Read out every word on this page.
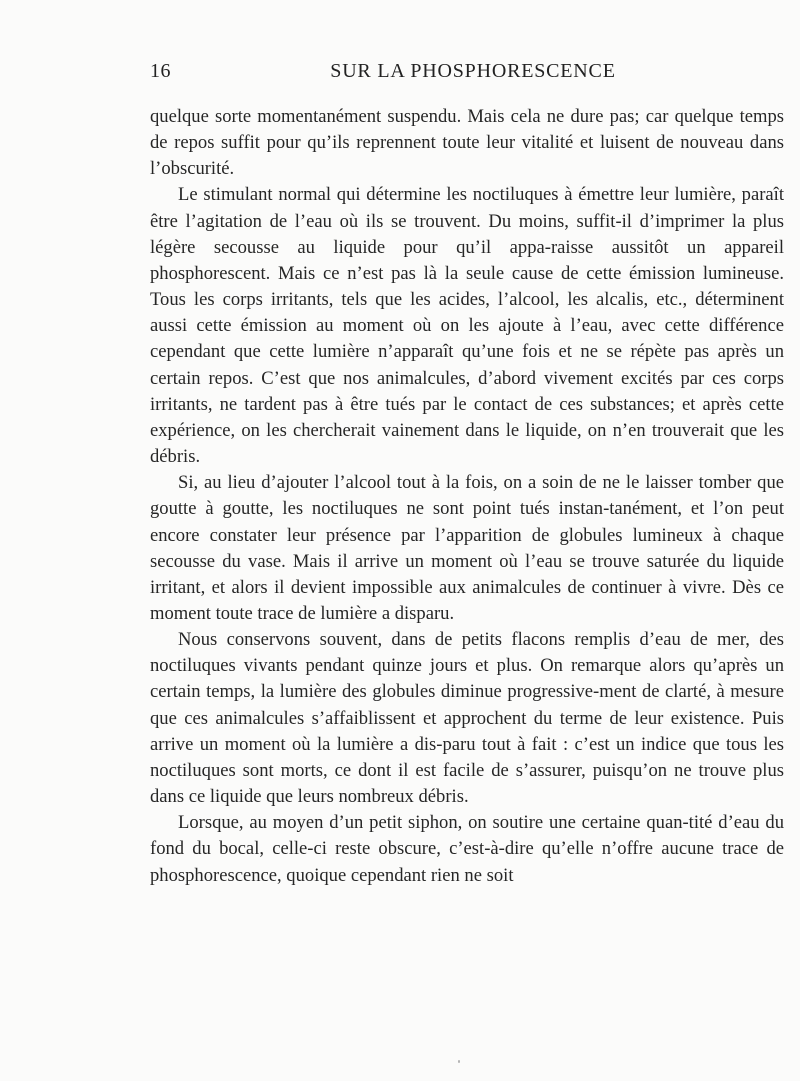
16	SUR LA PHOSPHORESCENCE

quelque sorte momentanément suspendu. Mais cela ne dure pas; car quelque temps de repos suffit pour qu’ils reprennent toute leur vitalité et luisent de nouveau dans l’obscurité.

Le stimulant normal qui détermine les noctiluques à émettre leur lumière, paraît être l’agitation de l’eau où ils se trouvent. Du moins, suffit-il d’imprimer la plus légère secousse au liquide pour qu’il appa-raisse aussitôt un appareil phosphorescent. Mais ce n’est pas là la seule cause de cette émission lumineuse. Tous les corps irritants, tels que les acides, l’alcool, les alcalis, etc., déterminent aussi cette émission au moment où on les ajoute à l’eau, avec cette différence cependant que cette lumière n’apparaît qu’une fois et ne se répète pas après un certain repos. C’est que nos animalcules, d’abord vivement excités par ces corps irritants, ne tardent pas à être tués par le contact de ces substances; et après cette expérience, on les chercherait vainement dans le liquide, on n’en trouverait que les débris.

Si, au lieu d’ajouter l’alcool tout à la fois, on a soin de ne le laisser tomber que goutte à goutte, les noctiluques ne sont point tués instan-tanément, et l’on peut encore constater leur présence par l’apparition de globules lumineux à chaque secousse du vase. Mais il arrive un moment où l’eau se trouve saturée du liquide irritant, et alors il devient impossible aux animalcules de continuer à vivre. Dès ce moment toute trace de lumière a disparu.

Nous conservons souvent, dans de petits flacons remplis d’eau de mer, des noctiluques vivants pendant quinze jours et plus. On remarque alors qu’après un certain temps, la lumière des globules diminue progressive-ment de clarté, à mesure que ces animalcules s’affaiblissent et approchent du terme de leur existence. Puis arrive un moment où la lumière a dis-paru tout à fait : c’est un indice que tous les noctiluques sont morts, ce dont il est facile de s’assurer, puisqu’on ne trouve plus dans ce liquide que leurs nombreux débris.

Lorsque, au moyen d’un petit siphon, on soutire une certaine quan-tité d’eau du fond du bocal, celle-ci reste obscure, c’est-à-dire qu’elle n’offre aucune trace de phosphorescence, quoique cependant rien ne soit
